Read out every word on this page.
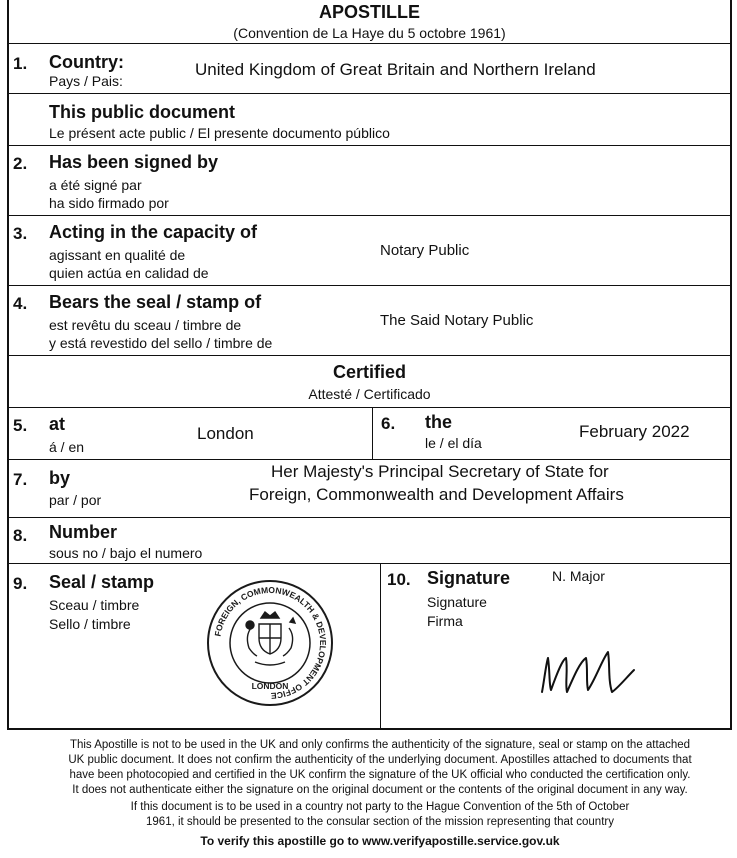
APOSTILLE
(Convention de La Haye du 5 octobre 1961)
1. Country:
Pays / Pais:
United Kingdom of Great Britain and Northern Ireland
This public document
Le présent acte public / El presente documento público
2. Has been signed by
a été signé par
ha sido firmado por
3. Acting in the capacity of
agissant en qualité de
quien actúa en calidad de
Notary Public
4. Bears the seal / stamp of
est revêtu du sceau / timbre de
y está revestido del sello / timbre de
The Said Notary Public
Certified
Attesté / Certificado
5. at
á / en
London
6. the
le / el día
February 2022
7. by
par / por
Her Majesty's Principal Secretary of State for
Foreign, Commonwealth and Development Affairs
8. Number
sous no / bajo el numero
9. Seal / stamp
Sceau / timbre
Sello / timbre
FOREIGN, COMMONWEALTH & DEVELOPMENT OFFICE
LONDON
10. Signature
Signature
Firma
N. Major
This Apostille is not to be used in the UK and only confirms the authenticity of the signature, seal or stamp on the attached
UK public document. It does not confirm the authenticity of the underlying document. Apostilles attached to documents that
have been photocopied and certified in the UK confirm the signature of the UK official who conducted the certification only.
It does not authenticate either the signature on the original document or the contents of the original document in any way.
If this document is to be used in a country not party to the Hague Convention of the 5th of October
1961, it should be presented to the consular section of the mission representing that country
To verify this apostille go to www.verifyapostille.service.gov.uk
